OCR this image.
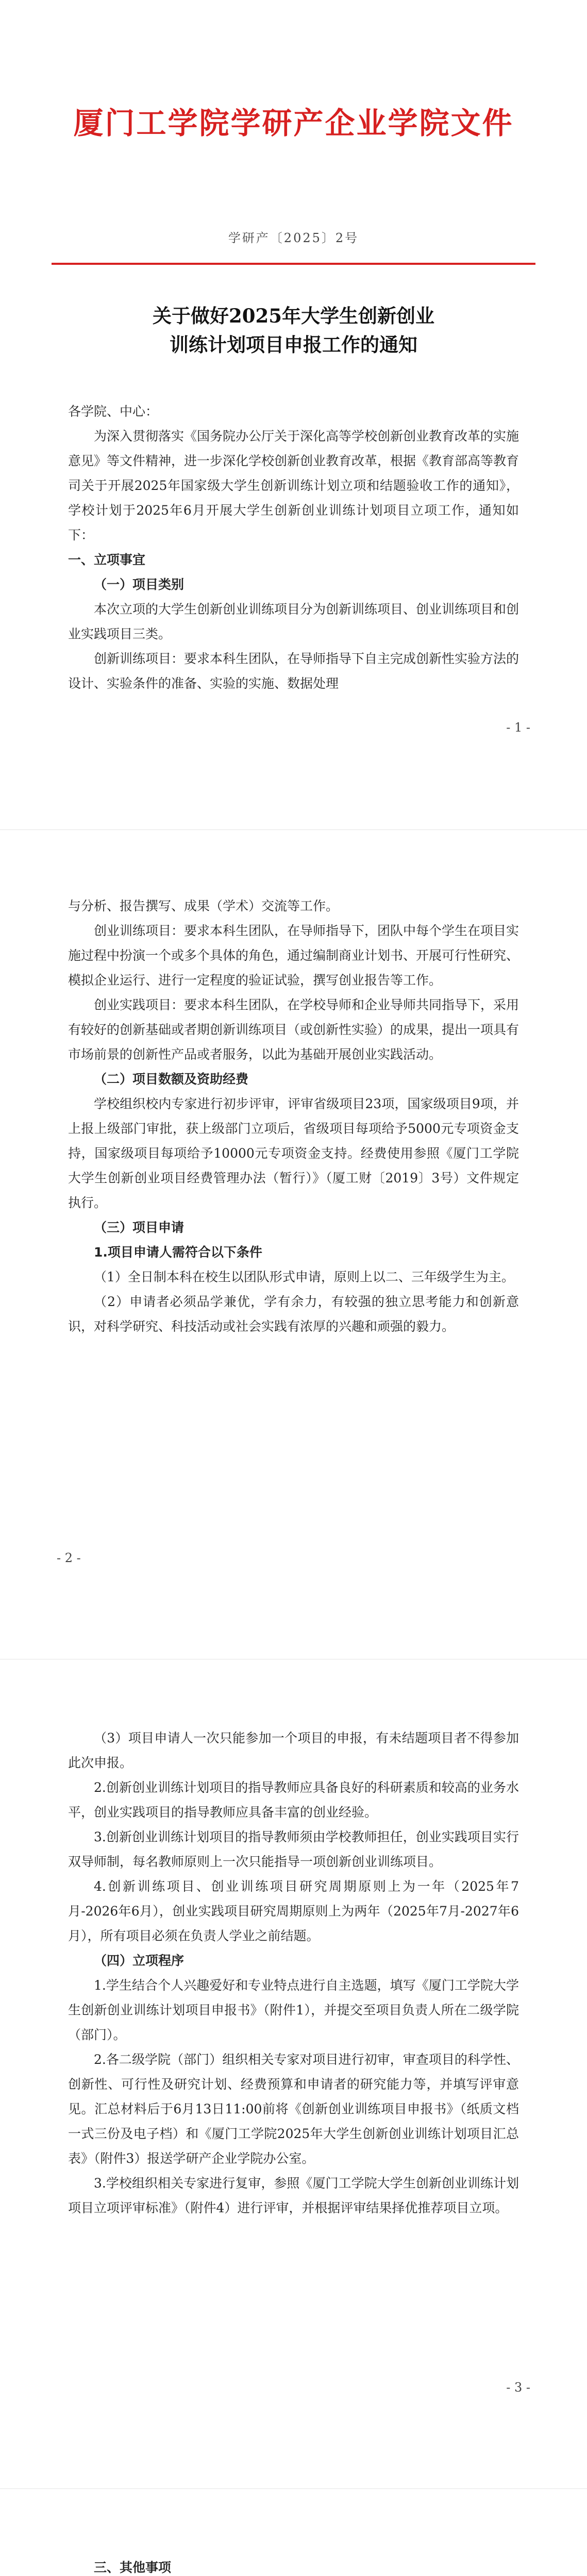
厦门工学院学研产企业学院文件
学研产〔2025〕2号
关于做好2025年大学生创新创业
训练计划项目申报工作的通知

各学院、中心：

为深入贯彻落实《国务院办公厅关于深化高等学校创新创业教育改革的实施意见》等文件精神，进一步深化学校创新创业教育改革，根据《教育部高等教育司关于开展2025年国家级大学生创新训练计划立项和结题验收工作的通知》，学校计划于2025年6月开展大学生创新创业训练计划项目立项工作，通知如下：

一、立项事宜

（一）项目类别

本次立项的大学生创新创业训练项目分为创新训练项目、创业训练项目和创业实践项目三类。

创新训练项目：要求本科生团队，在导师指导下自主完成创新性实验方法的设计、实验条件的准备、实验的实施、数据处理

- 1 -

与分析、报告撰写、成果（学术）交流等工作。

创业训练项目：要求本科生团队，在导师指导下，团队中每个学生在项目实施过程中扮演一个或多个具体的角色，通过编制商业计划书、开展可行性研究、模拟企业运行、进行一定程度的验证试验，撰写创业报告等工作。

创业实践项目：要求本科生团队，在学校导师和企业导师共同指导下，采用有较好的创新基础或者期创新训练项目（或创新性实验）的成果，提出一项具有市场前景的创新性产品或者服务，以此为基础开展创业实践活动。

（二）项目数额及资助经费

学校组织校内专家进行初步评审，评审省级项目23项，国家级项目9项，并上报上级部门审批，获上级部门立项后，省级项目每项给予5000元专项资金支持，国家级项目每项给予10000元专项资金支持。经费使用参照《厦门工学院大学生创新创业项目经费管理办法（暂行）》（厦工财〔2019〕3号）文件规定执行。

（三）项目申请

1.项目申请人需符合以下条件

（1）全日制本科在校生以团队形式申请，原则上以二、三年级学生为主。

（2）申请者必须品学兼优，学有余力，有较强的独立思考能力和创新意识，对科学研究、科技活动或社会实践有浓厚的兴趣和顽强的毅力。

- 2 -

（3）项目申请人一次只能参加一个项目的申报，有未结题项目者不得参加此次申报。

2.创新创业训练计划项目的指导教师应具备良好的科研素质和较高的业务水平，创业实践项目的指导教师应具备丰富的创业经验。

3.创新创业训练计划项目的指导教师须由学校教师担任，创业实践项目实行双导师制，每名教师原则上一次只能指导一项创新创业训练项目。

4.创新训练项目、创业训练项目研究周期原则上为一年（2025年7月-2026年6月），创业实践项目研究周期原则上为两年（2025年7月-2027年6月），所有项目必须在负责人学业之前结题。

（四）立项程序

1.学生结合个人兴趣爱好和专业特点进行自主选题，填写《厦门工学院大学生创新创业训练计划项目申报书》（附件1），并提交至项目负责人所在二级学院（部门）。

2.各二级学院（部门）组织相关专家对项目进行初审，审查项目的科学性、创新性、可行性及研究计划、经费预算和申请者的研究能力等，并填写评审意见。汇总材料后于6月13日11:00前将《创新创业训练项目申报书》（纸质文档一式三份及电子档）和《厦门工学院2025年大学生创新创业训练计划项目汇总表》（附件3）报送学研产企业学院办公室。

3.学校组织相关专家进行复审，参照《厦门工学院大学生创新创业训练计划项目立项评审标准》（附件4）进行评审，并根据评审结果择优推荐项目立项。

- 3 -

三、其他事项
